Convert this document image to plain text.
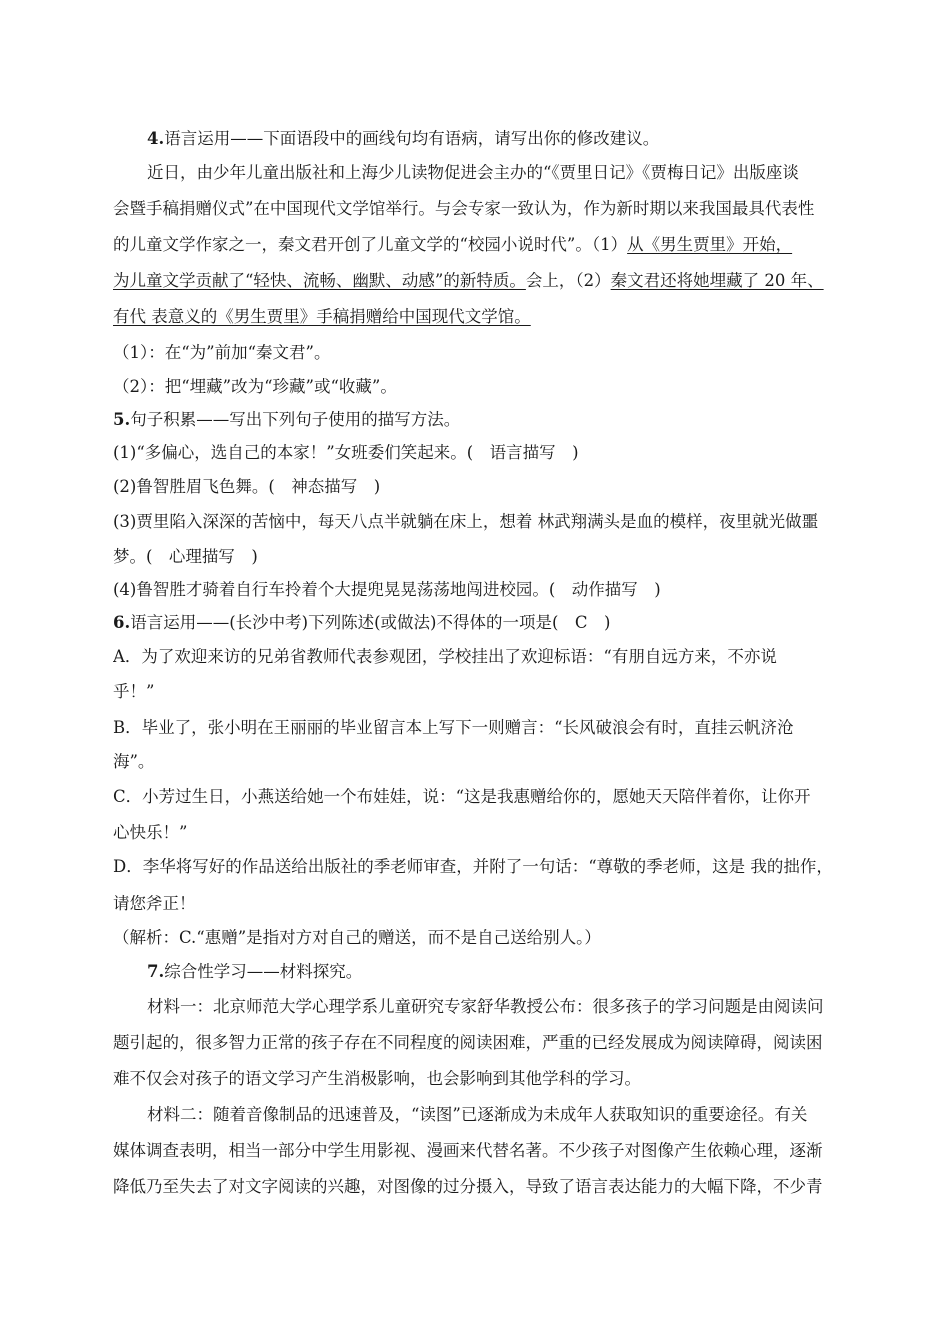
4.语言运用——下面语段中的画线句均有语病，请写出你的修改建议。
近日，由少年儿童出版社和上海少儿读物促进会主办的“《贾里日记》《贾梅日记》出版座谈
会暨手稿捐赠仪式”在中国现代文学馆举行。与会专家一致认为，作为新时期以来我国最具代表性
的儿童文学作家之一，秦文君开创了儿童文学的“校园小说时代”。（1）从《男生贾里》开始，
为儿童文学贡献了“轻快、流畅、幽默、动感”的新特质。会上，（2）秦文君还将她埋藏了 20 年、
有代 表意义的《男生贾里》手稿捐赠给中国现代文学馆。
（1）：在“为”前加“秦文君”。
（2）：把“埋藏”改为“珍藏”或“收藏”。
5.句子积累——写出下列句子使用的描写方法。
(1)“多偏心，选自己的本家！”女班委们笑起来。(　语言描写　)
(2)鲁智胜眉飞色舞。(　神态描写　)
(3)贾里陷入深深的苦恼中，每天八点半就躺在床上，想着 林武翔满头是血的模样，夜里就光做噩
梦。(　心理描写　)
(4)鲁智胜才骑着自行车拎着个大提兜晃晃荡荡地闯进校园。(　动作描写　)
6.语言运用——(长沙中考)下列陈述(或做法)不得体的一项是(　C　)
A．为了欢迎来访的兄弟省教师代表参观团，学校挂出了欢迎标语：“有朋自远方来，不亦说
乎！”
B．毕业了，张小明在王丽丽的毕业留言本上写下一则赠言：“长风破浪会有时，直挂云帆济沧
海”。
C．小芳过生日，小燕送给她一个布娃娃，说：“这是我惠赠给你的，愿她天天陪伴着你，让你开
心快乐！”
D．李华将写好的作品送给出版社的季老师审查，并附了一句话：“尊敬的季老师，这是 我的拙作，
请您斧正！
（解析：C.“惠赠”是指对方对自己的赠送，而不是自己送给别人。）
7.综合性学习——材料探究。
材料一：北京师范大学心理学系儿童研究专家舒华教授公布：很多孩子的学习问题是由阅读问
题引起的，很多智力正常的孩子存在不同程度的阅读困难，严重的已经发展成为阅读障碍，阅读困
难不仅会对孩子的语文学习产生消极影响，也会影响到其他学科的学习。
材料二：随着音像制品的迅速普及，“读图”已逐渐成为未成年人获取知识的重要途径。有关
媒体调查表明，相当一部分中学生用影视、漫画来代替名著。不少孩子对图像产生依赖心理，逐渐
降低乃至失去了对文字阅读的兴趣，对图像的过分摄入，导致了语言表达能力的大幅下降，不少青
